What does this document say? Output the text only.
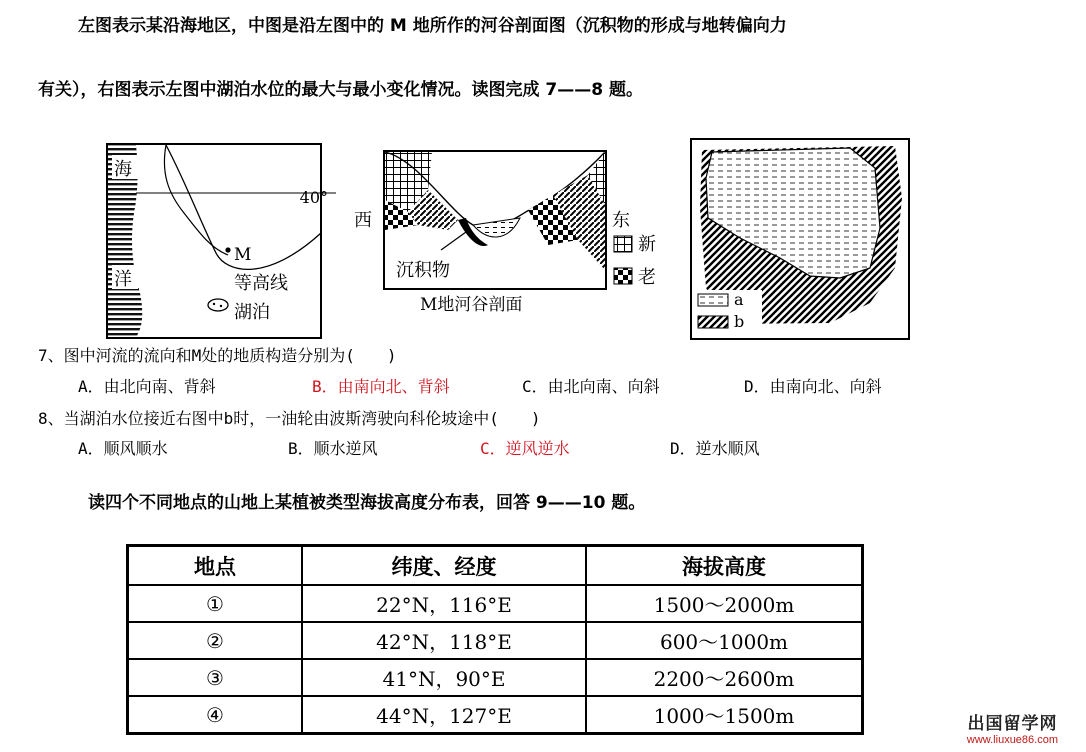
左图表示某沿海地区，中图是沿左图中的 M 地所作的河谷剖面图（沉积物的形成与地转偏向力
有关），右图表示左图中湖泊水位的最大与最小变化情况。读图完成 7——8 题。
海
洋
M
等高线
湖泊
40°
西
沉积物
M地河谷剖面
东
新
老
a
b
7、图中河流的流向和M处的地质构造分别为(　　)
A．由北向南、背斜	B．由南向北、背斜	C．由北向南、向斜	D．由南向北、向斜
8、当湖泊水位接近右图中b时，一油轮由波斯湾驶向科伦坡途中(　　)
A．顺风顺水	B．顺水逆风	C．逆风逆水	D．逆水顺风
读四个不同地点的山地上某植被类型海拔高度分布表，回答 9——10 题。
地点	纬度、经度	海拔高度
①	22°N，116°E	1500～2000m
②	42°N，118°E	600～1000m
③	41°N，90°E	2200～2600m
④	44°N，127°E	1000～1500m	出国留学网
www.liuxue86.com
